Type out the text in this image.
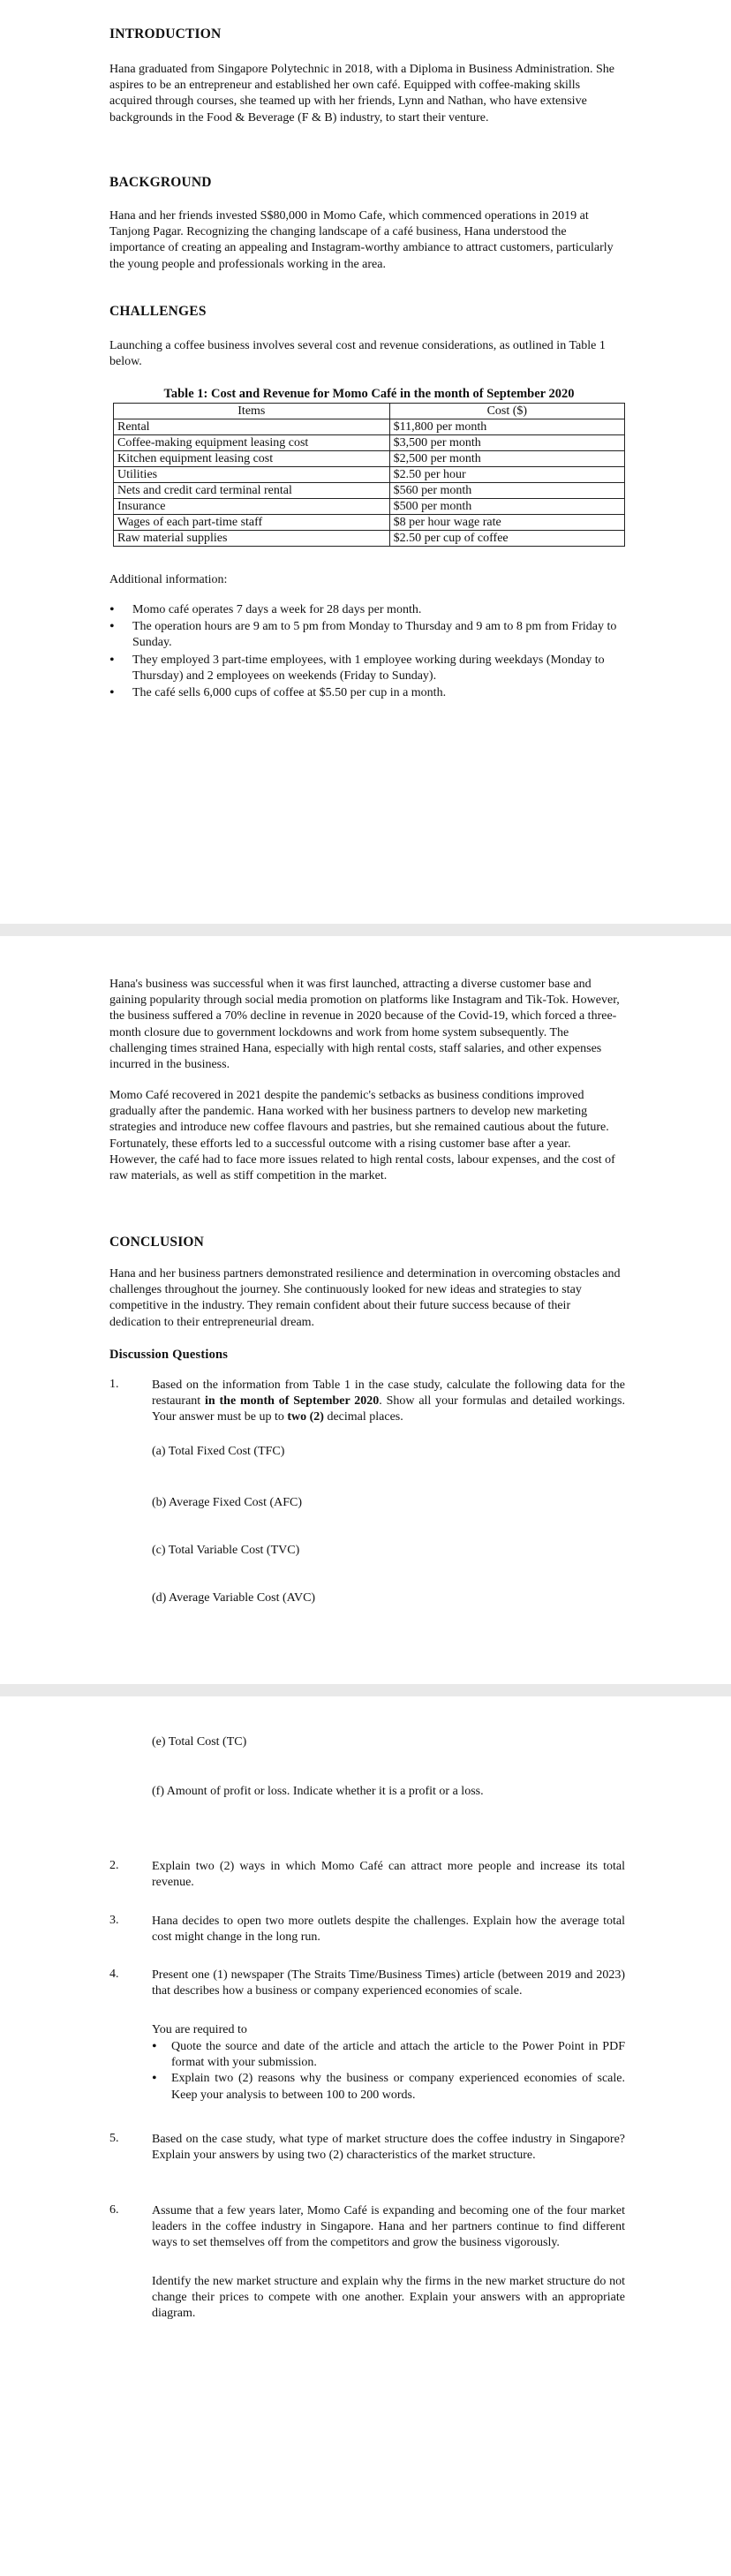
INTRODUCTION

Hana graduated from Singapore Polytechnic in 2018, with a Diploma in Business Administration. She aspires to be an entrepreneur and established her own café. Equipped with coffee-making skills acquired through courses, she teamed up with her friends, Lynn and Nathan, who have extensive backgrounds in the Food & Beverage (F & B) industry, to start their venture.

BACKGROUND

Hana and her friends invested S$80,000 in Momo Cafe, which commenced operations in 2019 at Tanjong Pagar. Recognizing the changing landscape of a café business, Hana understood the importance of creating an appealing and Instagram-worthy ambiance to attract customers, particularly the young people and professionals working in the area.

CHALLENGES

Launching a coffee business involves several cost and revenue considerations, as outlined in Table 1 below.

Table 1: Cost and Revenue for Momo Café in the month of September 2020
Items	Cost ($)
Rental	$11,800 per month
Coffee-making equipment leasing cost	$3,500 per month
Kitchen equipment leasing cost	$2,500 per month
Utilities	$2.50 per hour
Nets and credit card terminal rental	$560 per month
Insurance	$500 per month
Wages of each part-time staff	$8 per hour wage rate
Raw material supplies	$2.50 per cup of coffee

Additional information:

• Momo café operates 7 days a week for 28 days per month.
• The operation hours are 9 am to 5 pm from Monday to Thursday and 9 am to 8 pm from Friday to Sunday.
• They employed 3 part-time employees, with 1 employee working during weekdays (Monday to Thursday) and 2 employees on weekends (Friday to Sunday).
• The café sells 6,000 cups of coffee at $5.50 per cup in a month.

Hana's business was successful when it was first launched, attracting a diverse customer base and gaining popularity through social media promotion on platforms like Instagram and Tik-Tok. However, the business suffered a 70% decline in revenue in 2020 because of the Covid-19, which forced a three-month closure due to government lockdowns and work from home system subsequently. The challenging times strained Hana, especially with high rental costs, staff salaries, and other expenses incurred in the business.

Momo Café recovered in 2021 despite the pandemic's setbacks as business conditions improved gradually after the pandemic. Hana worked with her business partners to develop new marketing strategies and introduce new coffee flavours and pastries, but she remained cautious about the future. Fortunately, these efforts led to a successful outcome with a rising customer base after a year. However, the café had to face more issues related to high rental costs, labour expenses, and the cost of raw materials, as well as stiff competition in the market.

CONCLUSION

Hana and her business partners demonstrated resilience and determination in overcoming obstacles and challenges throughout the journey. She continuously looked for new ideas and strategies to stay competitive in the industry. They remain confident about their future success because of their dedication to their entrepreneurial dream.

Discussion Questions
1.	Based on the information from Table 1 in the case study, calculate the following data for the restaurant in the month of September 2020. Show all your formulas and detailed workings. Your answer must be up to two (2) decimal places.

(a) Total Fixed Cost (TFC)
(b) Average Fixed Cost (AFC)
(c) Total Variable Cost (TVC)
(d) Average Variable Cost (AVC)
(e) Total Cost (TC)
(f) Amount of profit or loss. Indicate whether it is a profit or a loss.
2.	Explain two (2) ways in which Momo Café can attract more people and increase its total revenue.

3.	Hana decides to open two more outlets despite the challenges. Explain how the average total cost might change in the long run.

4.	Present one (1) newspaper (The Straits Time/Business Times) article (between 2019 and 2023) that describes how a business or company experienced economies of scale.

You are required to
• Quote the source and date of the article and attach the article to the Power Point in PDF format with your submission.
• Explain two (2) reasons why the business or company experienced economies of scale. Keep your analysis to between 100 to 200 words.
5.	Based on the case study, what type of market structure does the coffee industry in Singapore? Explain your answers by using two (2) characteristics of the market structure.

6.	Assume that a few years later, Momo Café is expanding and becoming one of the four market leaders in the coffee industry in Singapore. Hana and her partners continue to find different ways to set themselves off from the competitors and grow the business vigorously.

Identify the new market structure and explain why the firms in the new market structure do not change their prices to compete with one another. Explain your answers with an appropriate diagram.
